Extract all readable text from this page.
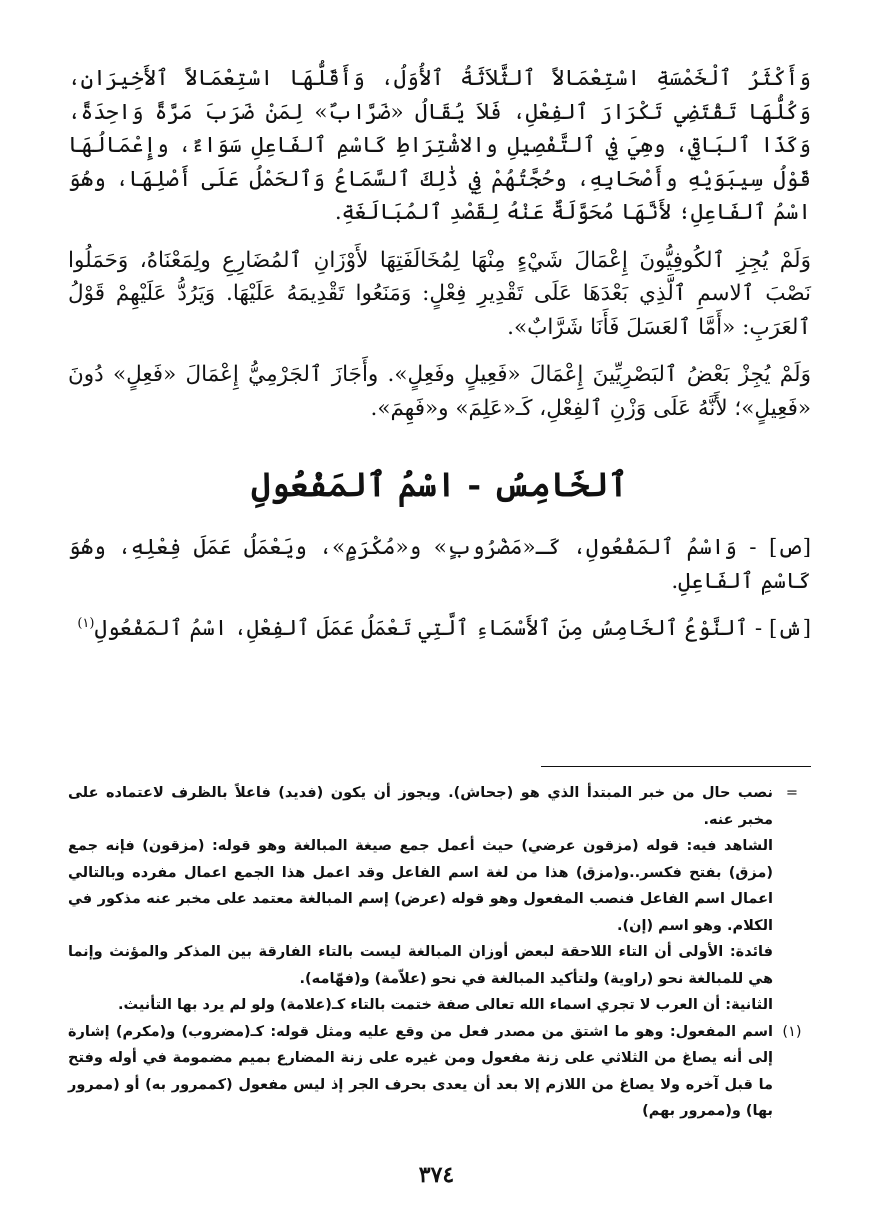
وَأَكْثَرُ ٱلْخَمْسَةِ اسْتِعْمَالاً ٱلثَّلاَثَةُ ٱلأُوَلُ، وَأَقَلُّهَا اسْتِعْمَالاً ٱلأَخِيرَانِ، وَكُلُّهَا تَقْتَضِي تَكْرَارَ ٱلفِعْلِ، فَلاَ يُقَالُ «ضَرَّابٌ» لِمَنْ ضَرَبَ مَرَّةً وَاحِدَةً، وَكَذَا ٱلبَاقِي، وهِيَ فِي ٱلتَّفْصِيلِ والاشْتِرَاطِ كَاسْمِ ٱلفَاعِلِ سَوَاءٌ، وإِعْمَالُهَا قَوْلُ سِيبَوَيْهِ وأَصْحَابِهِ، وحُجَّتُهُمْ فِي ذَٰلِكَ ٱلسَّمَاعُ وَٱلحَمْلُ عَلَى أَصْلِهَا، وهُوَ اسْمُ ٱلفَاعِلِ؛ لأَنَّهَا مُحَوَّلَةٌ عَنْهُ لِقَصْدِ ٱلمُبَالَغَةِ.

وَلَمْ يُجِزِ ٱلكُوفِيُّونَ إِعْمَالَ شَيْءٍ مِنْهَا لِمُخَالَفَتِهَا لأَوْزَانِ ٱلمُضَارِعِ ولِمَعْنَاهُ، وَحَمَلُوا نَصْبَ ٱلاسمِ ٱلَّذِي بَعْدَهَا عَلَى تَقْدِيرِ فِعْلٍ: وَمَنَعُوا تَقْدِيمَهُ عَلَيْهَا. وَيَرُدُّ عَلَيْهِمْ قَوْلُ ٱلعَرَبِ: «أَمَّا ٱلعَسَلَ فَأَنَا شَرَّابٌ».

وَلَمْ يُجِزْ بَعْضُ ٱلبَصْرِيِّينَ إِعْمَالَ «فَعِيلٍ وفَعِلٍ». وأَجَازَ ٱلجَرْمِيُّ إِعْمَالَ «فَعِلٍ» دُونَ «فَعِيلٍ»؛ لأَنَّهُ عَلَى وَزْنِ ٱلفِعْلِ، كَـ«عَلِمَ» و«فَهِمَ».

ٱلخَامِسُ - اسْمُ ٱلمَفْعُولِ

[ص] - وَاسْمُ ٱلمَفْعُولِ، كَـ«مَضْرُوبٍ» و«مُكْرَمٍ»، ويَعْمَلُ عَمَلَ فِعْلِهِ، وهُوَ كَاسْمِ ٱلفَاعِلِ.

[ش] - ٱلنَّوْعُ ٱلخَامِسُ مِنَ ٱلأَسْمَاءِ ٱلَّتِي تَعْمَلُ عَمَلَ ٱلفِعْلِ، اسْمُ ٱلمَفْعُولِ$^{(١)}$

=

نصب حال من خبر المبتدأ الذي هو (جحاش). ويجوز أن يكون (فديد) فاعلاً بالظرف لاعتماده على مخبر عنه.

الشاهد فيه: قوله (مزقون عرضي) حيث أعمل جمع صيغة المبالغة وهو قوله: (مزقون) فإنه جمع (مزق) بفتح فكسر..و(مزق) هذا من لغة اسم الفاعل وقد اعمل هذا الجمع اعمال مفرده وبالتالي اعمال اسم الفاعل فنصب المفعول وهو قوله (عرض) إسم المبالغة معتمد على مخبر عنه مذكور في الكلام. وهو اسم (إن).

فائدة: الأولى أن التاء اللاحقة لبعض أوزان المبالغة ليست بالتاء الفارقة بين المذكر والمؤنث وإنما هي للمبالغة نحو (راوية) ولتأكيد المبالغة في نحو (علاّمة) و(فهّامه).

الثانية: أن العرب لا تجري اسماء الله تعالى صفة ختمت بالتاء كـ(علامة) ولو لم يرد بها التأنيث.

(١)

اسم المفعول: وهو ما اشتق من مصدر فعل من وقع عليه ومثل قوله: كـ(مضروب) و(مكرم) إشارة إلى أنه يصاغ من الثلاثي على زنة مفعول ومن غيره على زنة المضارع بميم مضمومة في أوله وفتح ما قبل آخره ولا يصاغ من اللازم إلا بعد أن يعدى بحرف الجر إذ ليس مفعول (كممرور به) أو (ممرور بها) و(ممرور بهم)

٣٧٤
